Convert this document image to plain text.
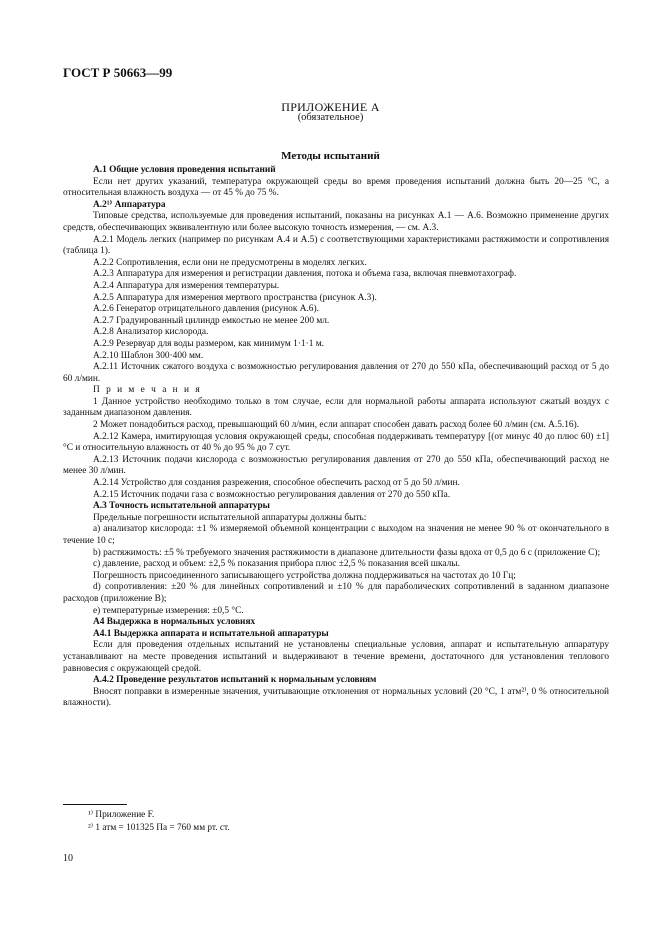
ГОСТ Р 50663—99
ПРИЛОЖЕНИЕ А
(обязательное)
Методы испытаний

А.1 Общие условия проведения испытаний

Если нет других указаний, температура окружающей среды во время проведения испытаний должна быть 20—25 °С, а относительная влажность воздуха — от 45 % до 75 %.

А.2¹⁾ Аппаратура

Типовые средства, используемые для проведения испытаний, показаны на рисунках А.1 — А.6. Возможно применение других средств, обеспечивающих эквивалентную или более высокую точность измерения, — см. А.3.

А.2.1 Модель легких (например по рисункам А.4 и А.5) с соответствующими характеристиками растяжимости и сопротивления (таблица 1).

А.2.2 Сопротивления, если они не предусмотрены в моделях легких.

А.2.3 Аппаратура для измерения и регистрации давления, потока и объема газа, включая пневмотахограф.

А.2.4 Аппаратура для измерения температуры.

А.2.5 Аппаратура для измерения мертвого пространства (рисунок А.3).

А.2.6 Генератор отрицательного давления (рисунок А.6).

А.2.7 Градуированный цилиндр емкостью не менее 200 мл.

А.2.8 Анализатор кислорода.

А.2.9 Резервуар для воды размером, как минимум 1·1·1 м.

А.2.10 Шаблон 300·400 мм.

А.2.11 Источник сжатого воздуха с возможностью регулирования давления от 270 до 550 кПа, обеспечивающий расход от 5 до 60 л/мин.

П р и м е ч а н и я

1 Данное устройство необходимо только в том случае, если для нормальной работы аппарата используют сжатый воздух с заданным диапазоном давления.

2 Может понадобиться расход, превышающий 60 л/мин, если аппарат способен давать расход более 60 л/мин (см. А.5.16).

А.2.12 Камера, имитирующая условия окружающей среды, способная поддерживать температуру [(от минус 40 до плюс 60) ±1] °С и относительную влажность от 40 % до 95 % до 7 сут.

А.2.13 Источник подачи кислорода с возможностью регулирования давления от 270 до 550 кПа, обеспечивающий расход не менее 30 л/мин.

А.2.14 Устройство для создания разрежения, способное обеспечить расход от 5 до 50 л/мин.

А.2.15 Источник подачи газа с возможностью регулирования давления от 270 до 550 кПа.

А.3 Точность испытательной аппаратуры

Предельные погрешности испытательной аппаратуры должны быть:

a) анализатор кислорода: ±1 % измеряемой объемной концентрации с выходом на значения не менее 90 % от окончательного в течение 10 с;

b) растяжимость: ±5 % требуемого значения растяжимости в диапазоне длительности фазы вдоха от 0,5 до 6 с (приложение С);

c) давление, расход и объем: ±2,5 % показания прибора плюс ±2,5 % показания всей шкалы.

Погрешность присоединенного записывающего устройства должна поддерживаться на частотах до 10 Гц;

d) сопротивления: ±20 % для линейных сопротивлений и ±10 % для параболических сопротивлений в заданном диапазоне расходов (приложение В);

e) температурные измерения: ±0,5 °С.

А4 Выдержка в нормальных условиях

А4.1 Выдержка аппарата и испытательной аппаратуры

Если для проведения отдельных испытаний не установлены специальные условия, аппарат и испытательную аппаратуру устанавливают на месте проведения испытаний и выдерживают в течение времени, достаточного для установления теплового равновесия с окружающей средой.

А.4.2 Проведение результатов испытаний к нормальным условиям

Вносят поправки в измеренные значения, учитывающие отклонения от нормальных условий (20 °С, 1 атм²⁾, 0 % относительной влажности).

¹⁾ Приложение F.
²⁾ 1 атм = 101325 Па = 760 мм рт. ст.
10
